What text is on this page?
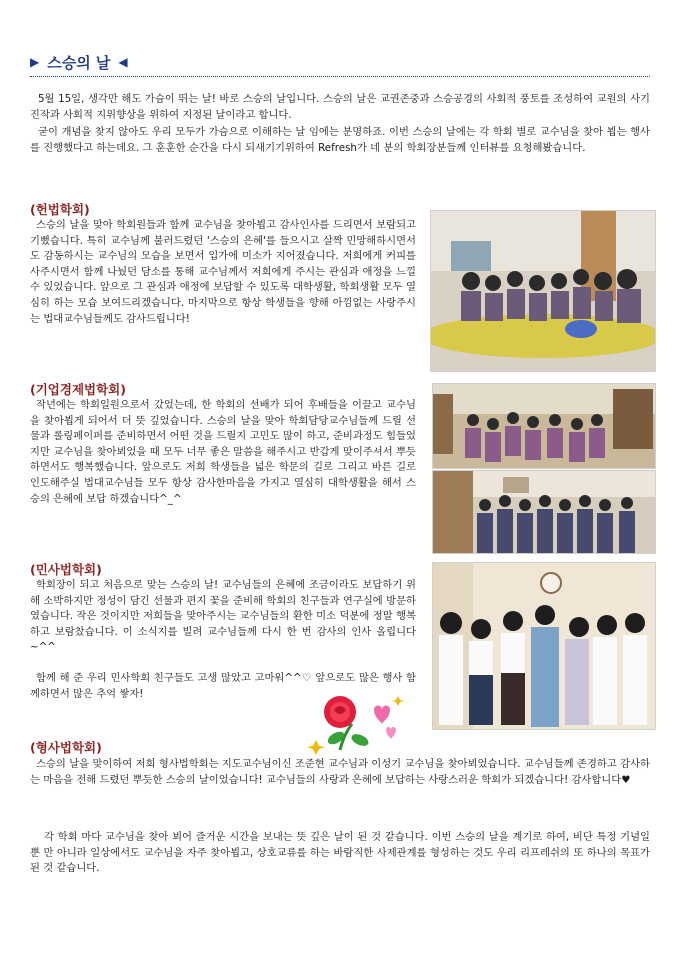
▶ 스승의 날 ◀

5월 15일, 생각만 해도 가슴이 뛰는 날! 바로 스승의 날입니다. 스승의 날은 교권존중과 스승공경의 사회적 풍토를 조성하여 교원의 사기진작과 사회적 지위향상을 위하여 지정된 날이라고 합니다.

굳이 개념을 찾지 않아도 우리 모두가 가슴으로 이해하는 날 임에는 분명하죠. 이번 스승의 날에는 각 학회 별로 교수님을 찾아 뵙는 행사를 진행했다고 하는데요. 그 훈훈한 순간을 다시 되새기기위하여 Refresh가 네 분의 학회장분들께 인터뷰를 요청해봤습니다.

(헌법학회)

스승의 날을 맞아 학회원들과 함께 교수님을 찾아뵙고 감사인사를 드리면서 보람되고 기뻤습니다. 특히 교수님께 불러드렸던 '스승의 은혜'를 들으시고 살짝 민망해하시면서도 감동하시는 교수님의 모습을 보면서 입가에 미소가 지어졌습니다. 저희에게 커피를 사주시면서 함께 나눴던 담소를 통해 교수님께서 저희에게 주시는 관심과 애정을 느낄 수 있었습니다. 앞으로 그 관심과 애정에 보답할 수 있도록 대학생활, 학회생활 모두 열심히 하는 모습 보여드리겠습니다. 마지막으로 항상 학생들을 향해 아낌없는 사랑주시는 법대교수님들께도 감사드립니다!

(기업경제법학회)

작년에는 학회일원으로서 갔었는데, 한 학회의 선배가 되어 후배들을 이끌고 교수님을 찾아뵙게 되어서 더 뜻 깊었습니다. 스승의 날을 맞아 학회담당교수님들께 드릴 선물과 롤링페이퍼를 준비하면서 어떤 것을 드릴지 고민도 많이 하고, 준비과정도 힘들었지만 교수님을 찾아뵈었을 때 모두 너무 좋은 말씀을 해주시고 반갑게 맞이주셔서 뿌듯하면서도 행복했습니다. 앞으로도 저희 학생들을 넓은 학문의 길로 그리고 바른 길로 인도해주실 법대교수님들 모두 항상 감사한마음을 가지고 열심히 대학생활을 해서 스승의 은혜에 보답 하겠습니다^_^

(민사법학회)

학회장이 되고 처음으로 맞는 스승의 날! 교수님들의 은혜에 조금이라도 보답하기 위해 소박하지만 정성이 담긴 선물과 편지 꽃을 준비해 학회의 친구들과 연구실에 방문하였습니다. 작은 것이지만 저희들을 맞아주시는 교수님들의 환한 미소 덕분에 정말 행복하고 보람찼습니다. 이 소식지를 빌려 교수님들께 다시 한 번 감사의 인사 올립니다~^^

함께 해 준 우리 민사학회 친구들도 고생 많았고 고마워^^♡ 앞으로도 많은 행사 함께하면서 많은 추억 쌓자!

(형사법학회)

스승의 날을 맞이하여 저희 형사법학회는 지도교수님이신 조준현 교수님과 이성기 교수님을 찾아뵈었습니다. 교수님들께 존경하고 감사하는 마음을 전해 드렸던 뿌듯한 스승의 날이었습니다! 교수님들의 사랑과 은혜에 보답하는 사랑스러운 학회가 되겠습니다! 감사합니다♥

각 학회 마다 교수님을 찾아 뵈어 즐거운 시간을 보내는 뜻 깊은 날이 된 것 같습니다. 이번 스승의 날을 계기로 하여, 비단 특정 기념일 뿐 만 아니라 일상에서도 교수님을 자주 찾아뵙고, 상호교류를 하는 바람직한 사제관계를 형성하는 것도 우리 리프레쉬의 또 하나의 목표가 된 것 같습니다.
